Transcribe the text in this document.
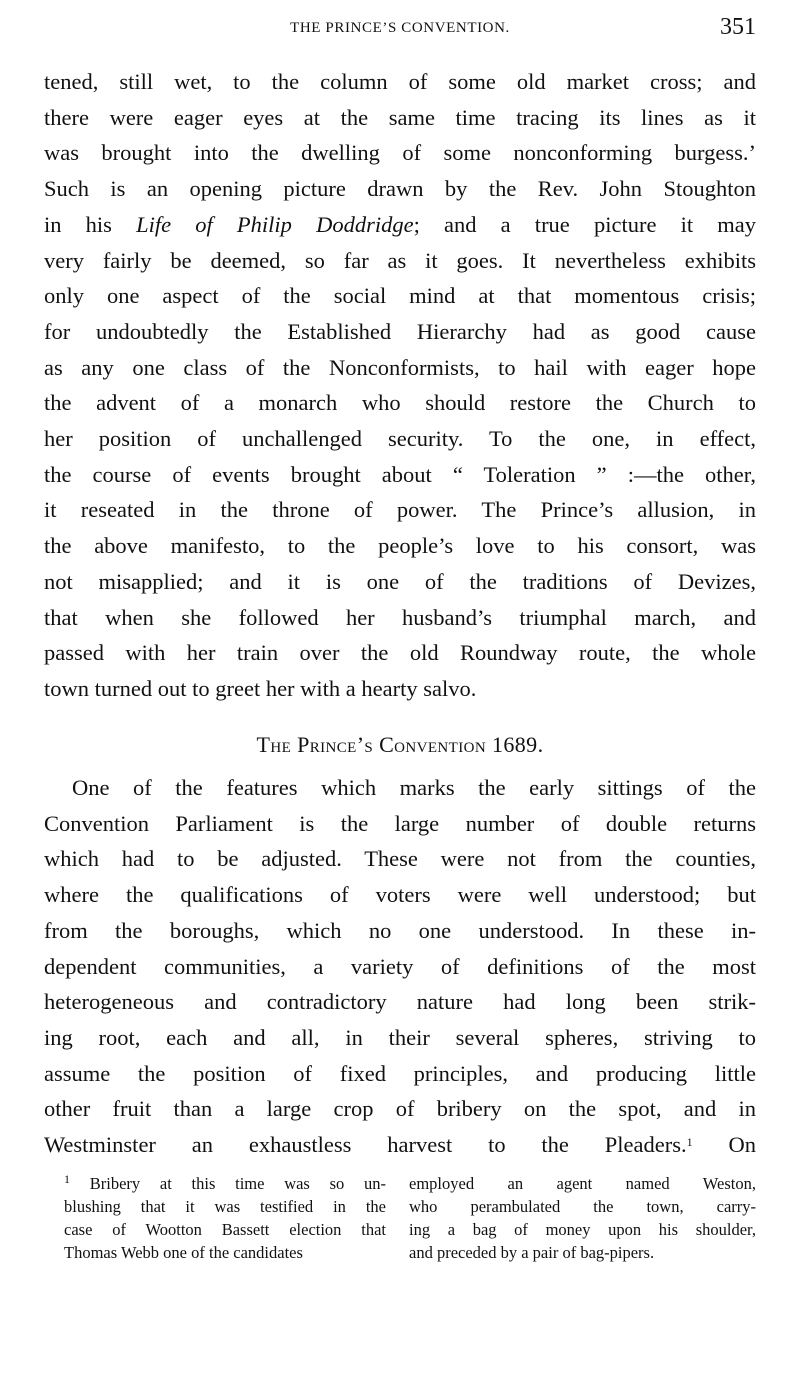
THE PRINCE’S CONVENTION.	351
tened, still wet, to the column of some old market cross; and
there were eager eyes at the same time tracing its lines as it
was brought into the dwelling of some nonconforming burgess.’
Such is an opening picture drawn by the Rev. John Stoughton
in his Life of Philip Doddridge; and a true picture it may
very fairly be deemed, so far as it goes. It nevertheless exhibits
only one aspect of the social mind at that momentous crisis;
for undoubtedly the Established Hierarchy had as good cause
as any one class of the Nonconformists, to hail with eager hope
the advent of a monarch who should restore the Church to
her position of unchallenged security. To the one, in effect,
the course of events brought about “ Toleration ” :—the other,
it reseated in the throne of power. The Prince’s allusion, in
the above manifesto, to the people’s love to his consort, was
not misapplied; and it is one of the traditions of Devizes,
that when she followed her husband’s triumphal march, and
passed with her train over the old Roundway route, the whole
town turned out to greet her with a hearty salvo.
The Prince’s Convention 1689.
One of the features which marks the early sittings of the
Convention Parliament is the large number of double returns
which had to be adjusted. These were not from the counties,
where the qualifications of voters were well understood; but
from the boroughs, which no one understood. In these in-
dependent communities, a variety of definitions of the most
heterogeneous and contradictory nature had long been strik-
ing root, each and all, in their several spheres, striving to
assume the position of fixed principles, and producing little
other fruit than a large crop of bribery on the spot, and in
Westminster an exhaustless harvest to the Pleaders.$^1$ On
$^1$ Bribery at this time was so un-
blushing that it was testified in the
case of Wootton Bassett election that
Thomas Webb one of the candidates
employed an agent named Weston,
who perambulated the town, carry-
ing a bag of money upon his shoulder,
and preceded by a pair of bag-pipers.
